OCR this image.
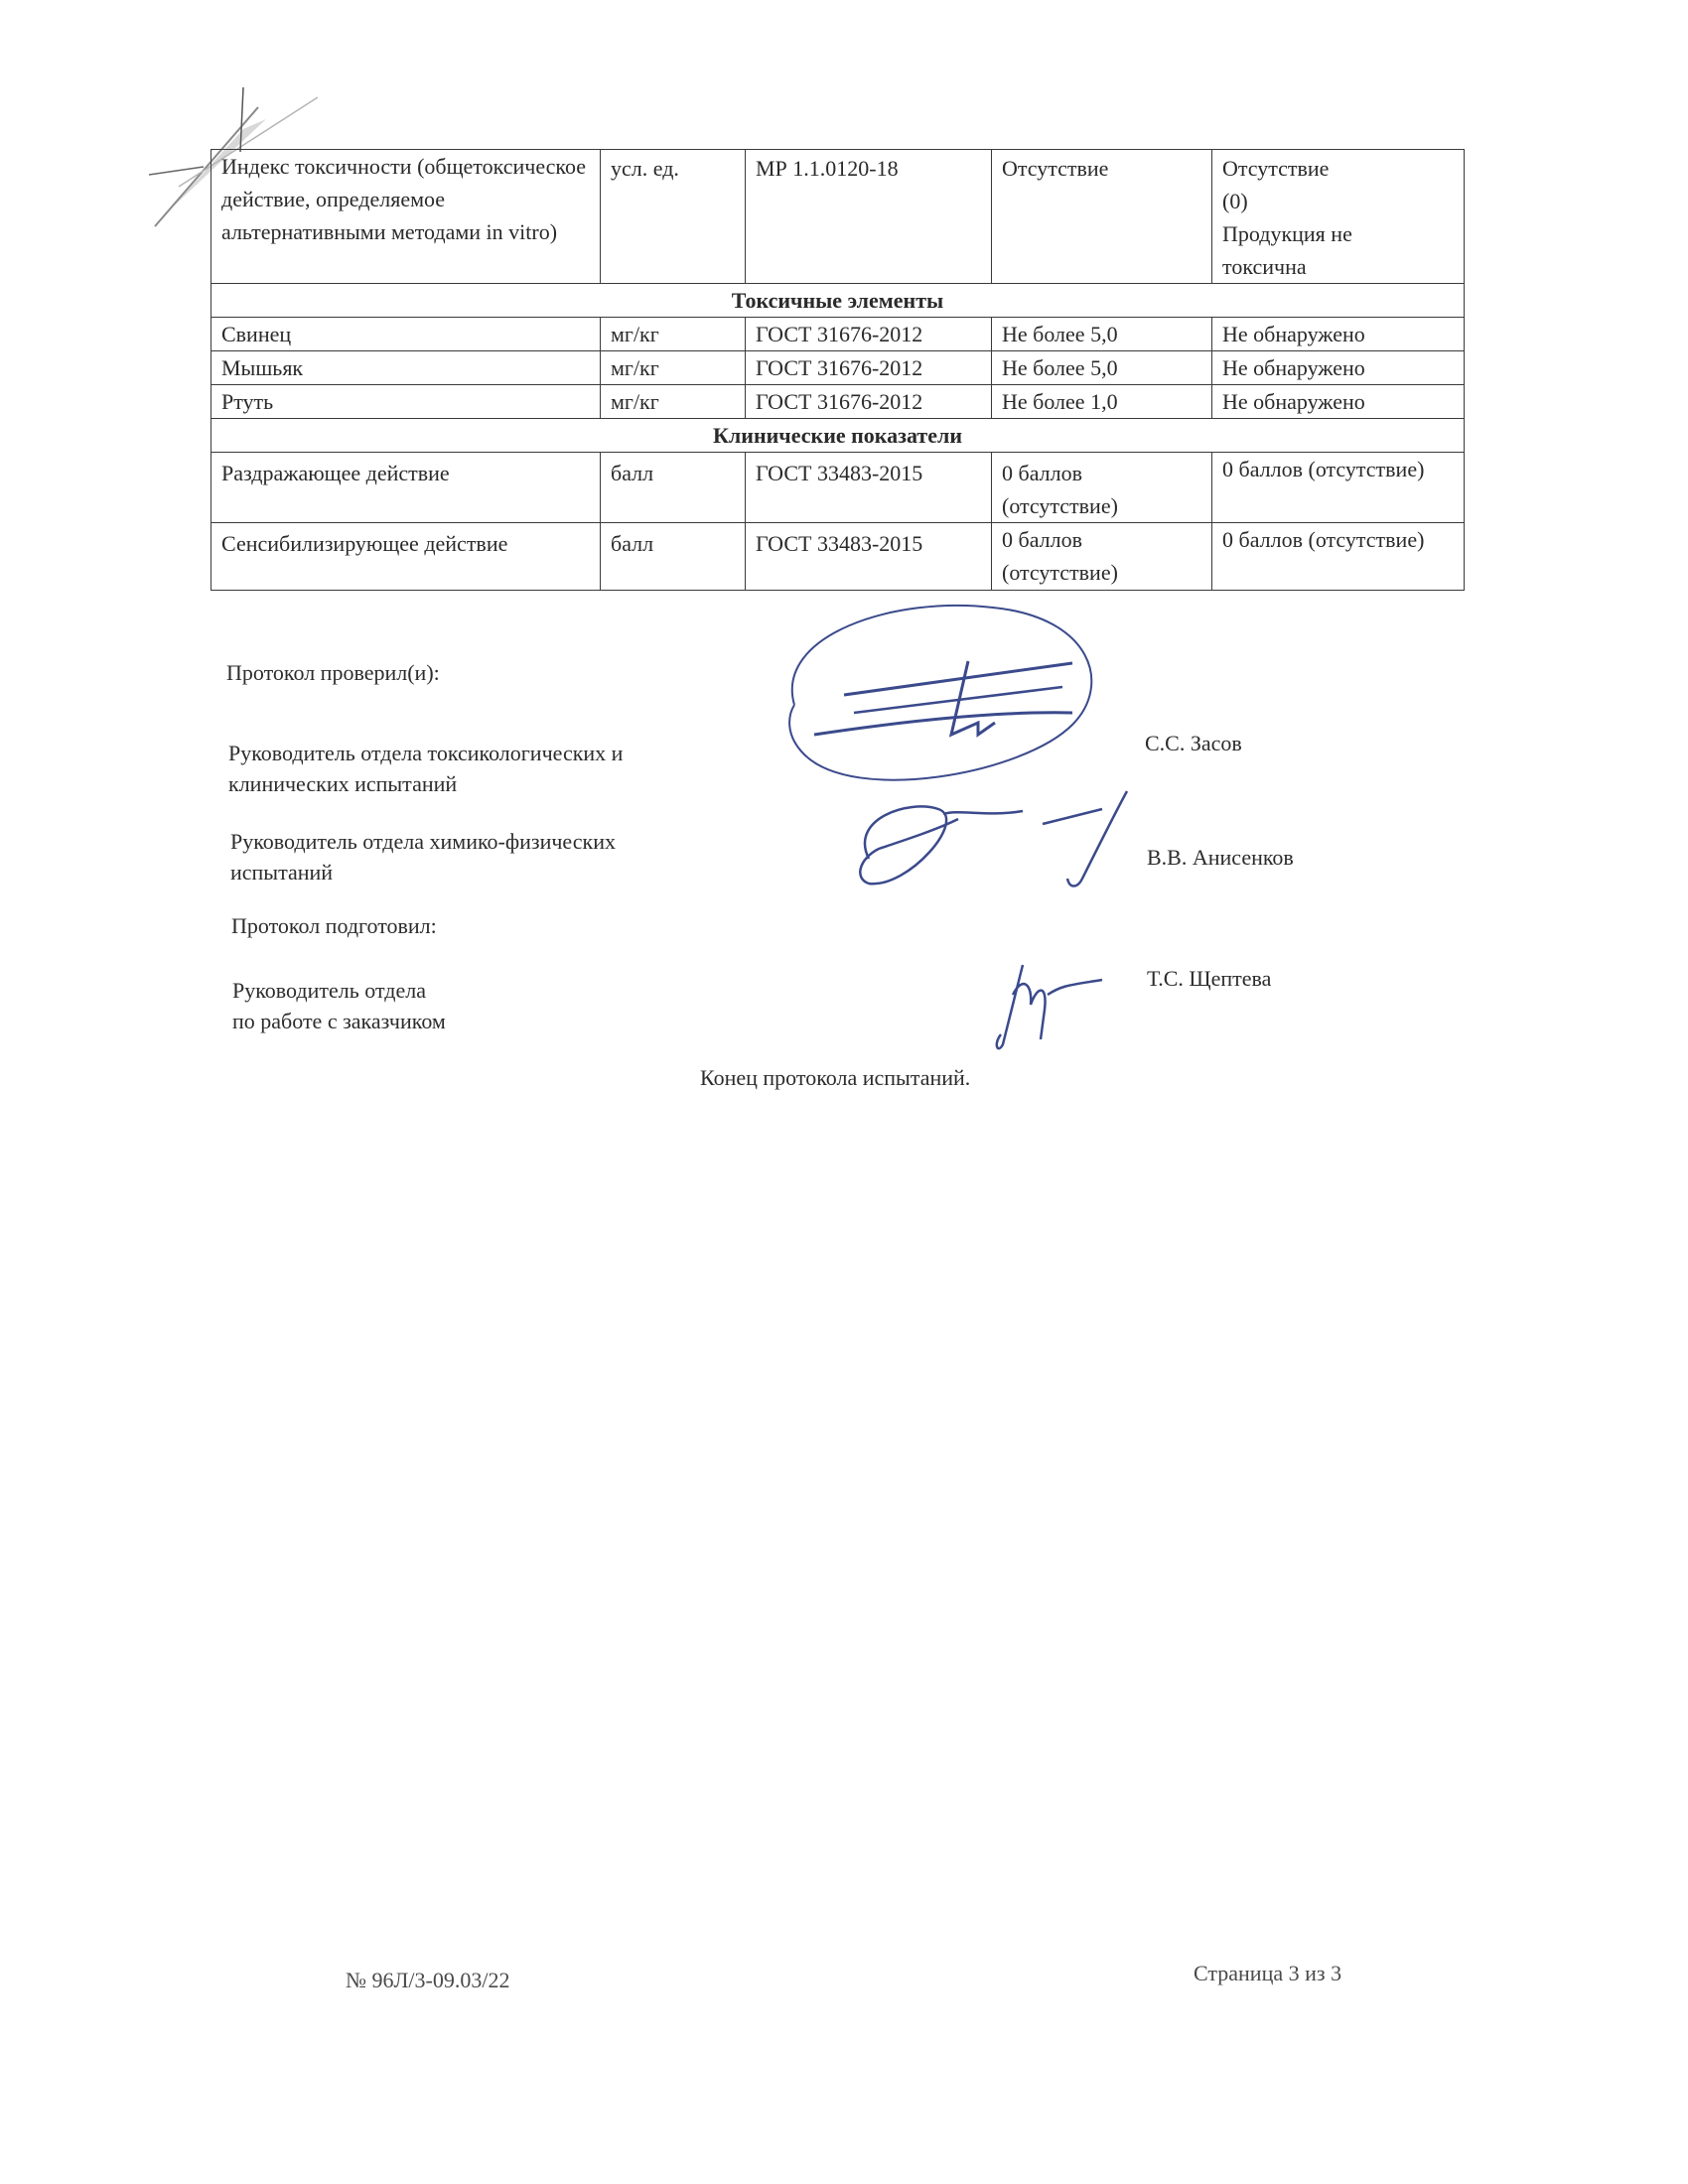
Индекс токсичности (общетоксическое действие, определяемое альтернативными методами in vitro)	усл. ед.	МР 1.1.0120-18	Отсутствие	Отсутствие
(0)
Продукция не
токсична

Токсичные элементы				
Свинец	мг/кг	ГОСТ 31676-2012	Не более 5,0	Не обнаружено
Мышьяк	мг/кг	ГОСТ 31676-2012	Не более 5,0	Не обнаружено
Ртуть	мг/кг	ГОСТ 31676-2012	Не более 1,0	Не обнаружено
Клинические показатели				
Раздражающее действие	балл	ГОСТ 33483-2015	0 баллов (отсутствие)	0 баллов (отсутствие)
Сенсибилизирующее действие	балл	ГОСТ 33483-2015	0 баллов (отсутствие)	0 баллов (отсутствие)
Протокол проверил(и):
Руководитель отдела токсикологических и клинических испытаний
С.С. Засов
Руководитель отдела химико-физических испытаний
В.В. Анисенков
Протокол подготовил:
Руководитель отдела
по работе с заказчиком
Т.С. Щептева
Конец протокола испытаний.
№ 96Л/3-09.03/22	Страница 3 из 3
